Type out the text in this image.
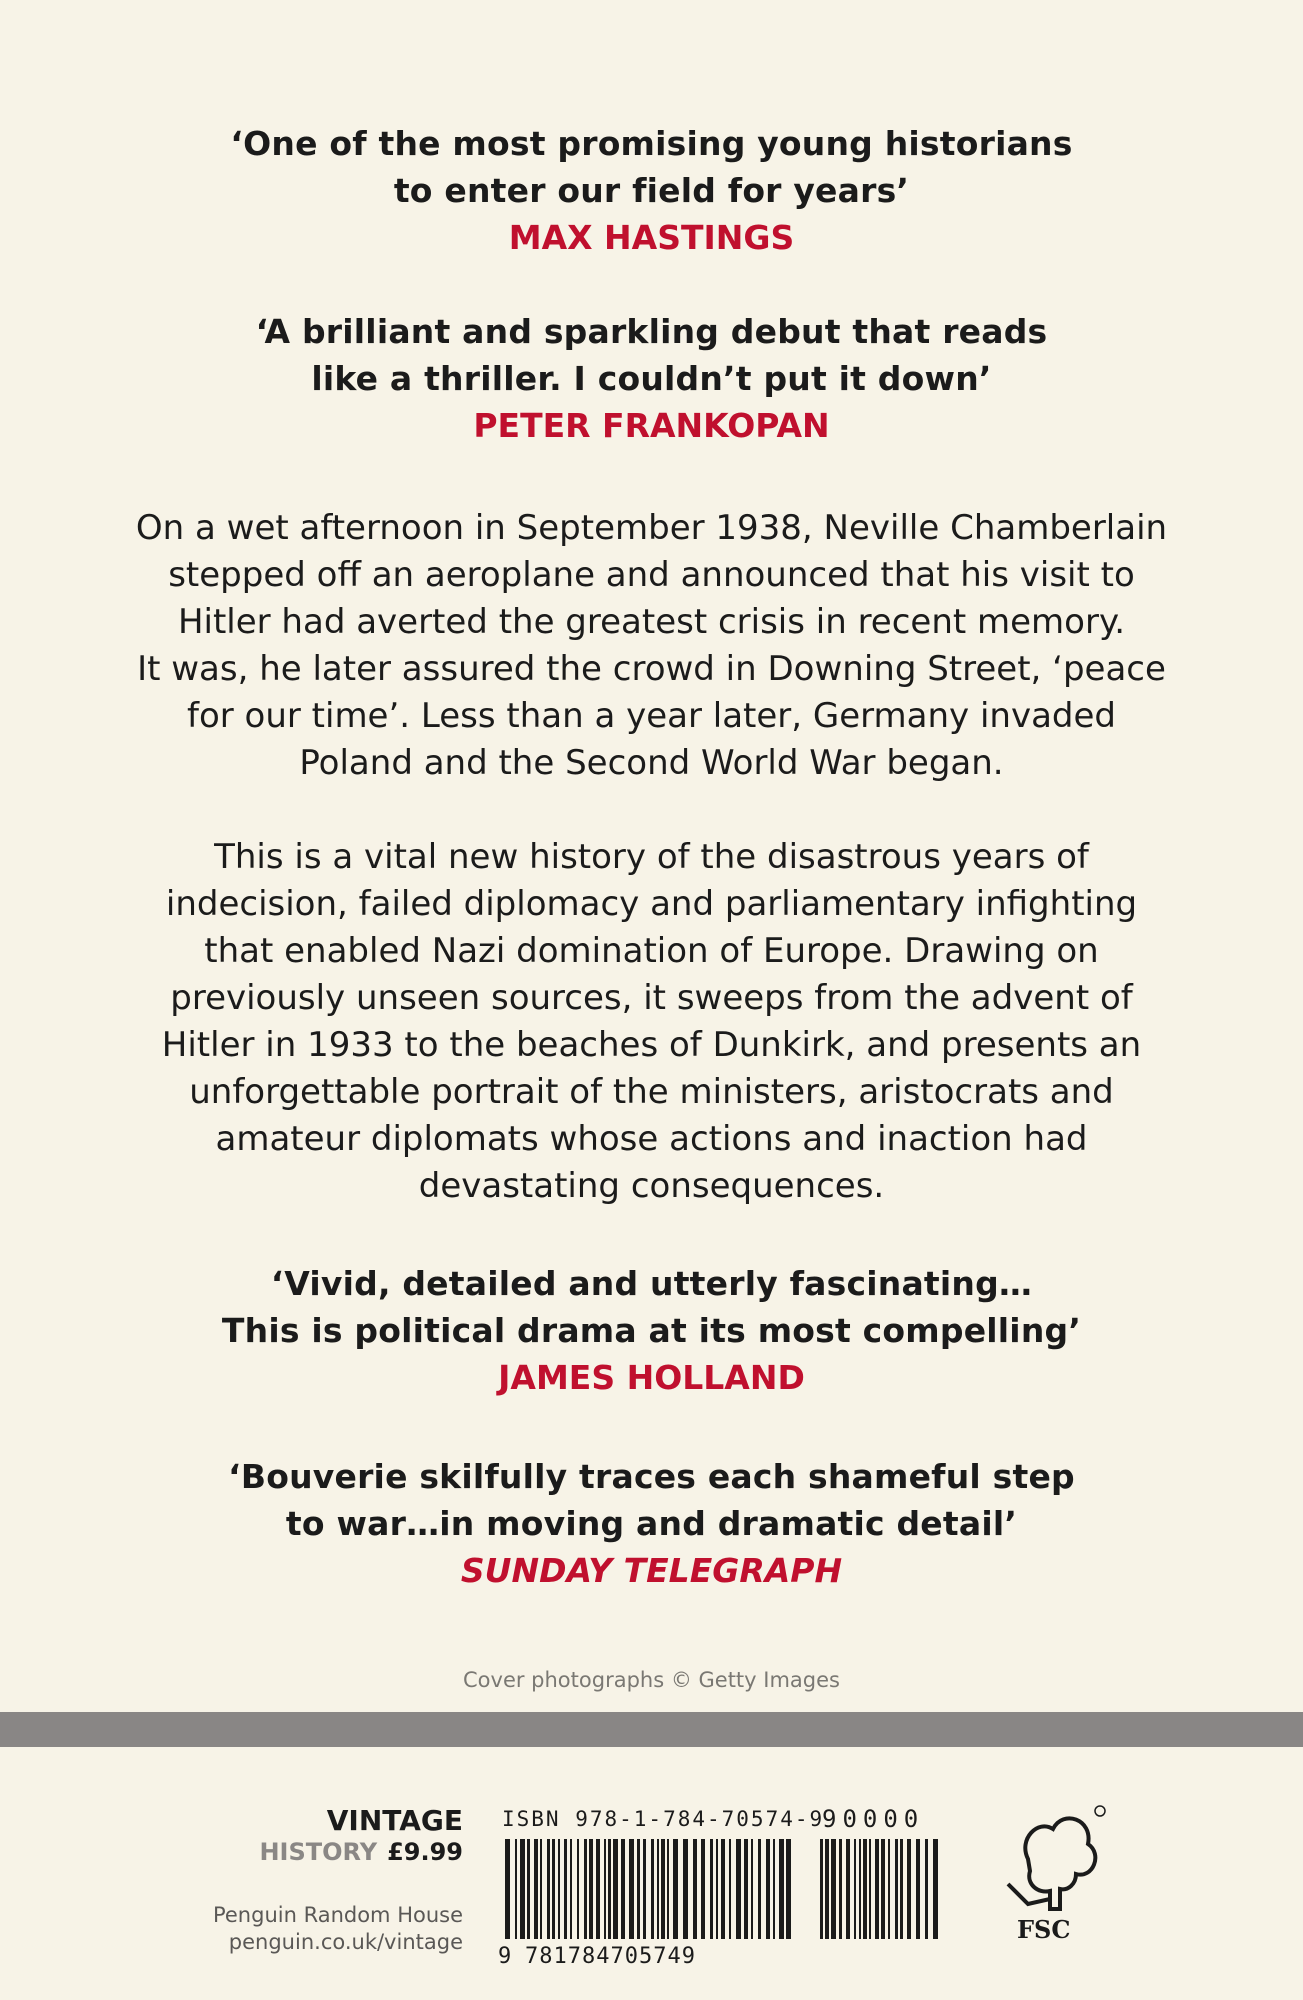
‘One of the most promising young historians
to enter our field for years’
MAX HASTINGS
‘A brilliant and sparkling debut that reads
like a thriller. I couldn’t put it down’
PETER FRANKOPAN
On a wet afternoon in September 1938, Neville Chamberlain
stepped off an aeroplane and announced that his visit to
Hitler had averted the greatest crisis in recent memory.
It was, he later assured the crowd in Downing Street, ‘peace
for our time’. Less than a year later, Germany invaded
Poland and the Second World War began.
This is a vital new history of the disastrous years of
indecision, failed diplomacy and parliamentary infighting
that enabled Nazi domination of Europe. Drawing on
previously unseen sources, it sweeps from the advent of
Hitler in 1933 to the beaches of Dunkirk, and presents an
unforgettable portrait of the ministers, aristocrats and
amateur diplomats whose actions and inaction had
devastating consequences.
‘Vivid, detailed and utterly fascinating…
This is political drama at its most compelling’
JAMES HOLLAND
‘Bouverie skilfully traces each shameful step
to war…in moving and dramatic detail’
SUNDAY TELEGRAPH
Cover photographs © Getty Images
VINTAGE
HISTORY £9.99
Penguin Random House
penguin.co.uk/vintage
ISBN 978-1-784-70574-9
90000
9 781784705749
FSC
